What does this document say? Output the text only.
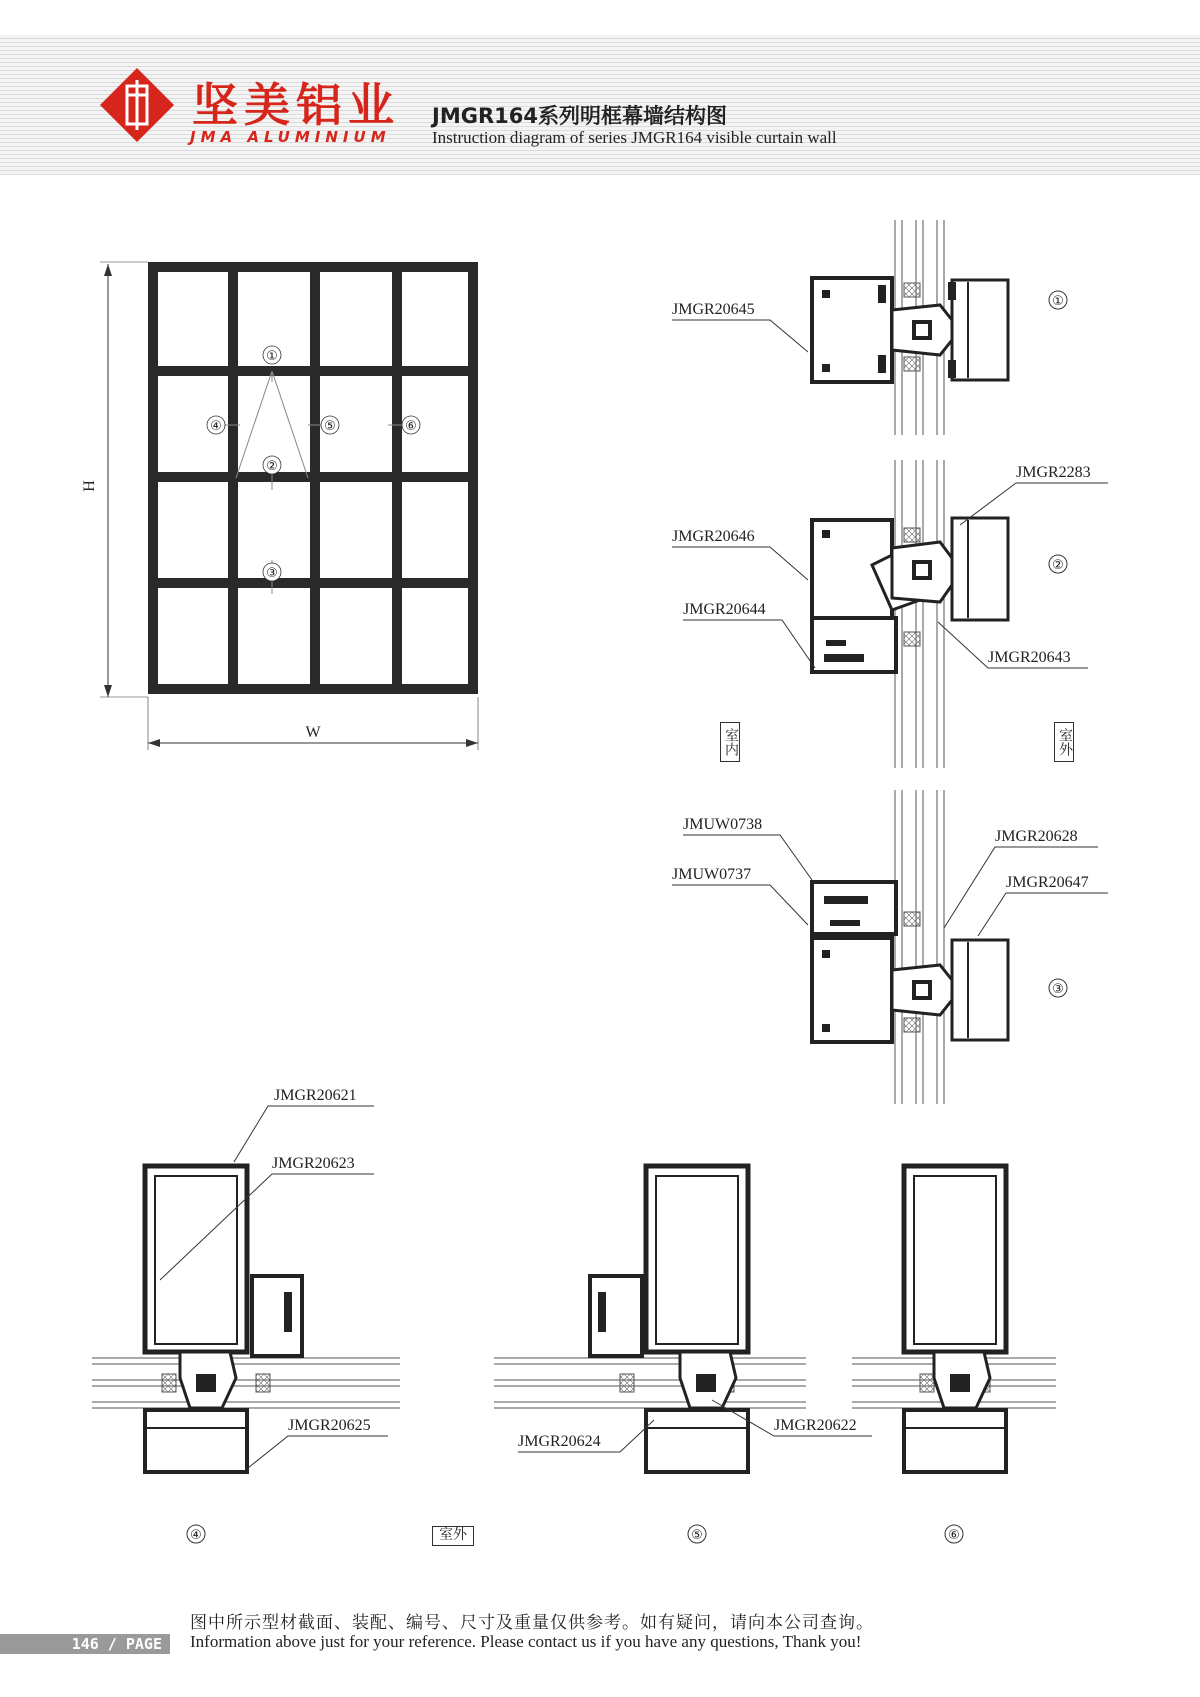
坚美铝业
JMA ALUMINIUM
JMGR164系列明框幕墙结构图
Instruction diagram of series JMGR164 visible curtain wall
H
W
①
②
③
④	⑤	⑥
JMGR20645	①
JMGR2283
JMGR20646
JMGR20644
JMGR20643
②
JMUW0738
JMGR20628
JMUW0737	JMGR20647
③
JMGR20621
JMGR20623
JMGR20625
④
JMGR20624
JMGR20622
⑤	⑥
室内	室外
室外
图中所示型材截面、装配、编号、尺寸及重量仅供参考。如有疑问，请向本公司查询。
Information above just for your reference. Please contact us if you have any questions, Thank you!
146 / PAGE
